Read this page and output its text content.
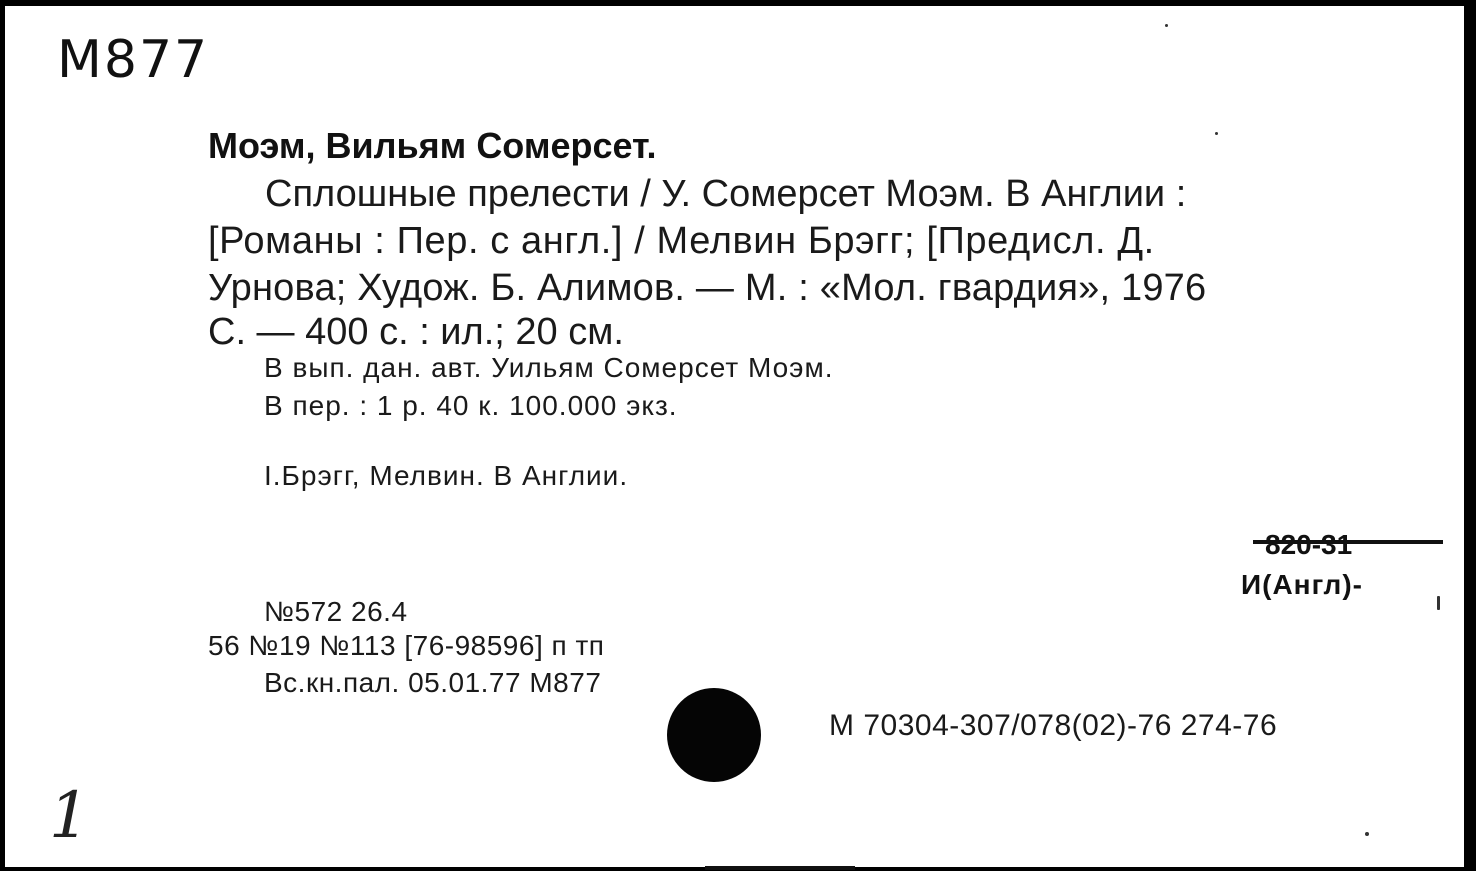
M877
Моэм, Вильям Сомерсет.
Сплошные прелести / У. Сомерсет Моэм. В Англии :
[Романы : Пер. с англ.] / Мелвин Брэгг; [Предисл. Д.
Урнова; Худож. Б. Алимов. — М. : «Мол. гвардия», 1976
С. — 400 с. : ил.; 20 см.
В вып. дан. авт. Уильям Сомерсет Моэм.
В пер. : 1 р. 40 к. 100.000 экз.
I.Брэгг, Мелвин. В Англии.
820-31
И(Англ)-
№572 26.4
56 №19 №113 [76-98596] п тп
Вс.кн.пал. 05.01.77 М877
М 70304-307/078(02)-76 274-76
1
